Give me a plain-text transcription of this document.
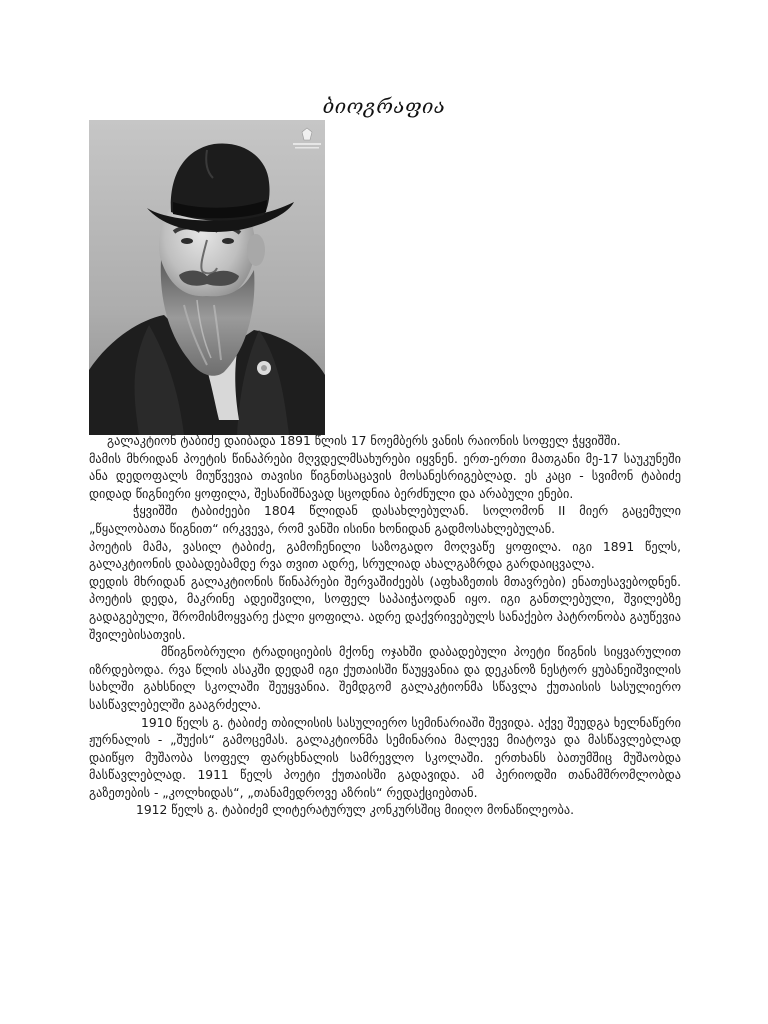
ბიოგრაფია

გალაკტიონ ტაბიძე დაიბადა 1891 წლის 17 ნოემბერს ვანის რაიონის სოფელ ჭყვიშში.

მამის მხრიდან პოეტის წინაპრები მღვდელმსახურები იყვნენ. ერთ-ერთი მათგანი მე-17 საუკუნეში ანა დედოფალს მიუწვევია თავისი წიგნთსაცავის მოსანესრიგებლად. ეს კაცი - სვიმონ ტაბიძე დიდად წიგნიერი ყოფილა, შესანიშნავად სცოდნია ბერძნული და არაბული ენები.

ჭყვიშში ტაბიძეები 1804 წლიდან დასახლებულან. სოლომონ II მიერ გაცემული „წყალობათა წიგნით“ ირკვევა, რომ ვანში ისინი ხონიდან გადმოსახლებულან.

პოეტის მამა, ვასილ ტაბიძე, გამოჩენილი საზოგადო მოღვაწე ყოფილა. იგი 1891 წელს, გალაკტიონის დაბადებამდე რვა თვით ადრე, სრულიად ახალგაზრდა გარდაიცვალა.

დედის მხრიდან გალაკტიონის წინაპრები შერვაშიძეებს (აფხაზეთის მთავრები) ენათესავებოდნენ. პოეტის დედა, მაკრინე ადეიშვილი, სოფელ საპაიჭაოდან იყო. იგი განთლებული, შვილებზე გადაგებული, შრომისმოყვარე ქალი ყოფილა. ადრე დაქვრივებულს სანაქებო პატრონობა გაუწევია შვილებისათვის.

მწიგნობრული ტრადიციების მქონე ოჯახში დაბადებული პოეტი წიგნის სიყვარულით იზრდებოდა. რვა წლის ასაკში დედამ იგი ქუთაისში წაუყვანია და დეკანოზ ნესტორ ყუბანეიშვილის სახლში გახსნილ სკოლაში შეუყვანია. შემდგომ გალაკტიონმა სწავლა ქუთაისის სასულიერო სასწავლებელში გააგრძელა.

1910 წელს გ. ტაბიძე თბილისის სასულიერო სემინარიაში შევიდა. აქვე შეუდგა ხელნაწერი ჟურნალის - „შუქის“ გამოცემას. გალაკტიონმა სემინარია მალევე მიატოვა და მასწავლებლად დაიწყო მუშაობა სოფელ ფარცხნალის სამრევლო სკოლაში. ერთხანს ბათუმშიც მუშაობდა მასწავლებლად. 1911 წელს პოეტი ქუთაისში გადავიდა. ამ პერიოდში თანამშრომლობდა გაზეთების - „კოლხიდას“, „თანამედროვე აზრის“ რედაქციებთან.

1912 წელს გ. ტაბიძემ ლიტერატურულ კონკურსშიც მიიღო მონაწილეობა.
